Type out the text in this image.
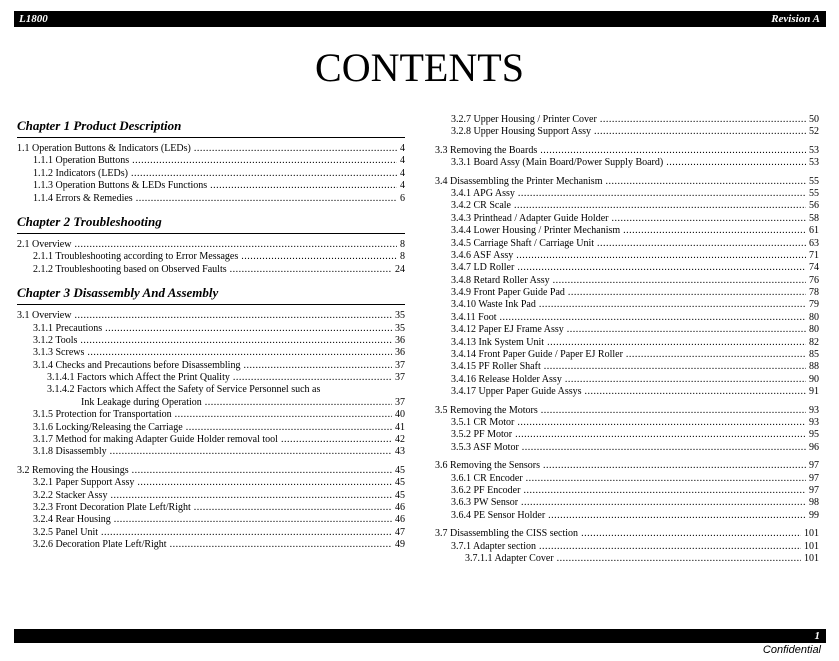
L1800	Revision A
CONTENTS
Chapter 1 Product Description
1.1 Operation Buttons & Indicators (LEDs) .....	4
1.1.1 Operation Buttons .....	4
1.1.2 Indicators (LEDs) .....	4
1.1.3 Operation Buttons & LEDs Functions .....	4
1.1.4 Errors & Remedies .....	6
Chapter 2 Troubleshooting
2.1 Overview .....	8
2.1.1 Troubleshooting according to Error Messages .....	8
2.1.2 Troubleshooting based on Observed Faults .....	24
Chapter 3 Disassembly And Assembly
3.1 Overview .....	35
3.1.1 Precautions .....	35
3.1.2 Tools .....	36
3.1.3 Screws .....	36
3.1.4 Checks and Precautions before Disassembling .....	37
3.1.4.1 Factors which Affect the Print Quality .....	37
3.1.4.2 Factors which Affect the Safety of Service Personnel such as
Ink Leakage during Operation .....	37
3.1.5 Protection for Transportation .....	40
3.1.6 Locking/Releasing the Carriage .....	41
3.1.7 Method for making Adapter Guide Holder removal tool .....	42
3.1.8 Disassembly .....	43
3.2 Removing the Housings .....	45
3.2.1 Paper Support Assy .....	45
3.2.2 Stacker Assy .....	45
3.2.3 Front Decoration Plate Left/Right .....	46
3.2.4 Rear Housing .....	46
3.2.5 Panel Unit .....	47
3.2.6 Decoration Plate Left/Right .....	49
3.2.7 Upper Housing / Printer Cover .....	50
3.2.8 Upper Housing Support Assy .....	52
3.3 Removing the Boards .....	53
3.3.1 Board Assy (Main Board/Power Supply Board) .....	53
3.4 Disassembling the Printer Mechanism .....	55
3.4.1 APG Assy .....	55
3.4.2 CR Scale .....	56
3.4.3 Printhead / Adapter Guide Holder .....	58
3.4.4 Lower Housing / Printer Mechanism .....	61
3.4.5 Carriage Shaft / Carriage Unit .....	63
3.4.6 ASF Assy .....	71
3.4.7 LD Roller .....	74
3.4.8 Retard Roller Assy .....	76
3.4.9 Front Paper Guide Pad .....	78
3.4.10 Waste Ink Pad .....	79
3.4.11 Foot .....	80
3.4.12 Paper EJ Frame Assy .....	80
3.4.13 Ink System Unit .....	82
3.4.14 Front Paper Guide / Paper EJ Roller .....	85
3.4.15 PF Roller Shaft .....	88
3.4.16 Release Holder Assy .....	90
3.4.17 Upper Paper Guide Assys .....	91
3.5 Removing the Motors .....	93
3.5.1 CR Motor .....	93
3.5.2 PF Motor .....	95
3.5.3 ASF Motor .....	96
3.6 Removing the Sensors .....	97
3.6.1 CR Encoder .....	97
3.6.2 PF Encoder .....	97
3.6.3 PW Sensor .....	98
3.6.4 PE Sensor Holder .....	99
3.7 Disassembling the CISS section .....	101
3.7.1 Adapter section .....	101
3.7.1.1 Adapter Cover .....	101
1
Confidential
